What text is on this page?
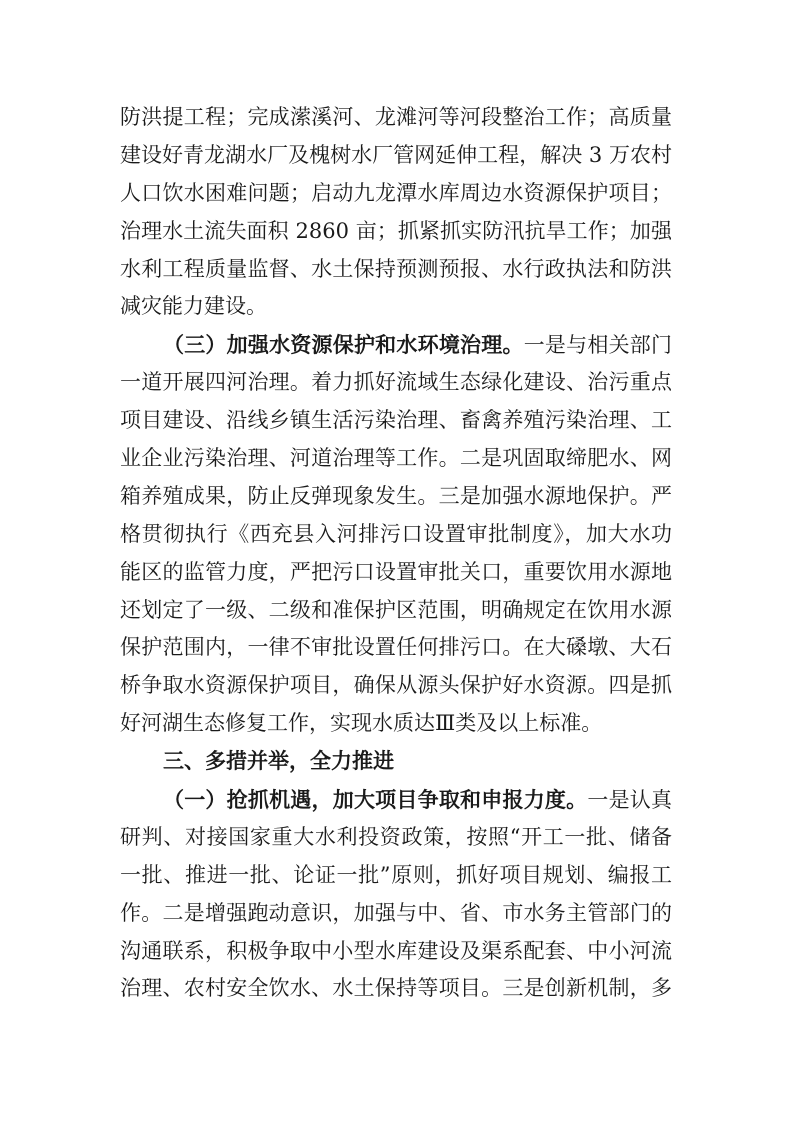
防洪提工程；完成潆溪河、龙滩河等河段整治工作；高质量
建设好青龙湖水厂及槐树水厂管网延伸工程，解决 3 万农村
人口饮水困难问题；启动九龙潭水库周边水资源保护项目；
治理水土流失面积 2860 亩；抓紧抓实防汛抗旱工作；加强
水利工程质量监督、水土保持预测预报、水行政执法和防洪
减灾能力建设。
（三）加强水资源保护和水环境治理。一是与相关部门
一道开展四河治理。着力抓好流域生态绿化建设、治污重点
项目建设、沿线乡镇生活污染治理、畜禽养殖污染治理、工
业企业污染治理、河道治理等工作。二是巩固取缔肥水、网
箱养殖成果，防止反弹现象发生。三是加强水源地保护。严
格贯彻执行《西充县入河排污口设置审批制度》，加大水功
能区的监管力度，严把污口设置审批关口，重要饮用水源地
还划定了一级、二级和准保护区范围，明确规定在饮用水源
保护范围内，一律不审批设置任何排污口。在大磉墩、大石
桥争取水资源保护项目，确保从源头保护好水资源。四是抓
好河湖生态修复工作，实现水质达Ⅲ类及以上标准。
三、多措并举，全力推进
（一）抢抓机遇，加大项目争取和申报力度。一是认真
研判、对接国家重大水利投资政策，按照“开工一批、储备
一批、推进一批、论证一批”原则，抓好项目规划、编报工
作。二是增强跑动意识，加强与中、省、市水务主管部门的
沟通联系，积极争取中小型水库建设及渠系配套、中小河流
治理、农村安全饮水、水土保持等项目。三是创新机制，多
